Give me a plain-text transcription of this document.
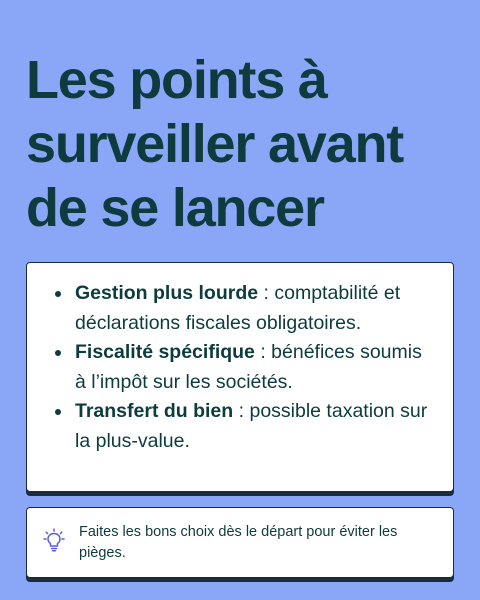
Les points à surveiller avant de se lancer
Gestion plus lourde : comptabilité et déclarations fiscales obligatoires.
Fiscalité spécifique : bénéfices soumis à l’impôt sur les sociétés.
Transfert du bien : possible taxation sur la plus-value.

Faites les bons choix dès le départ pour éviter les pièges.
